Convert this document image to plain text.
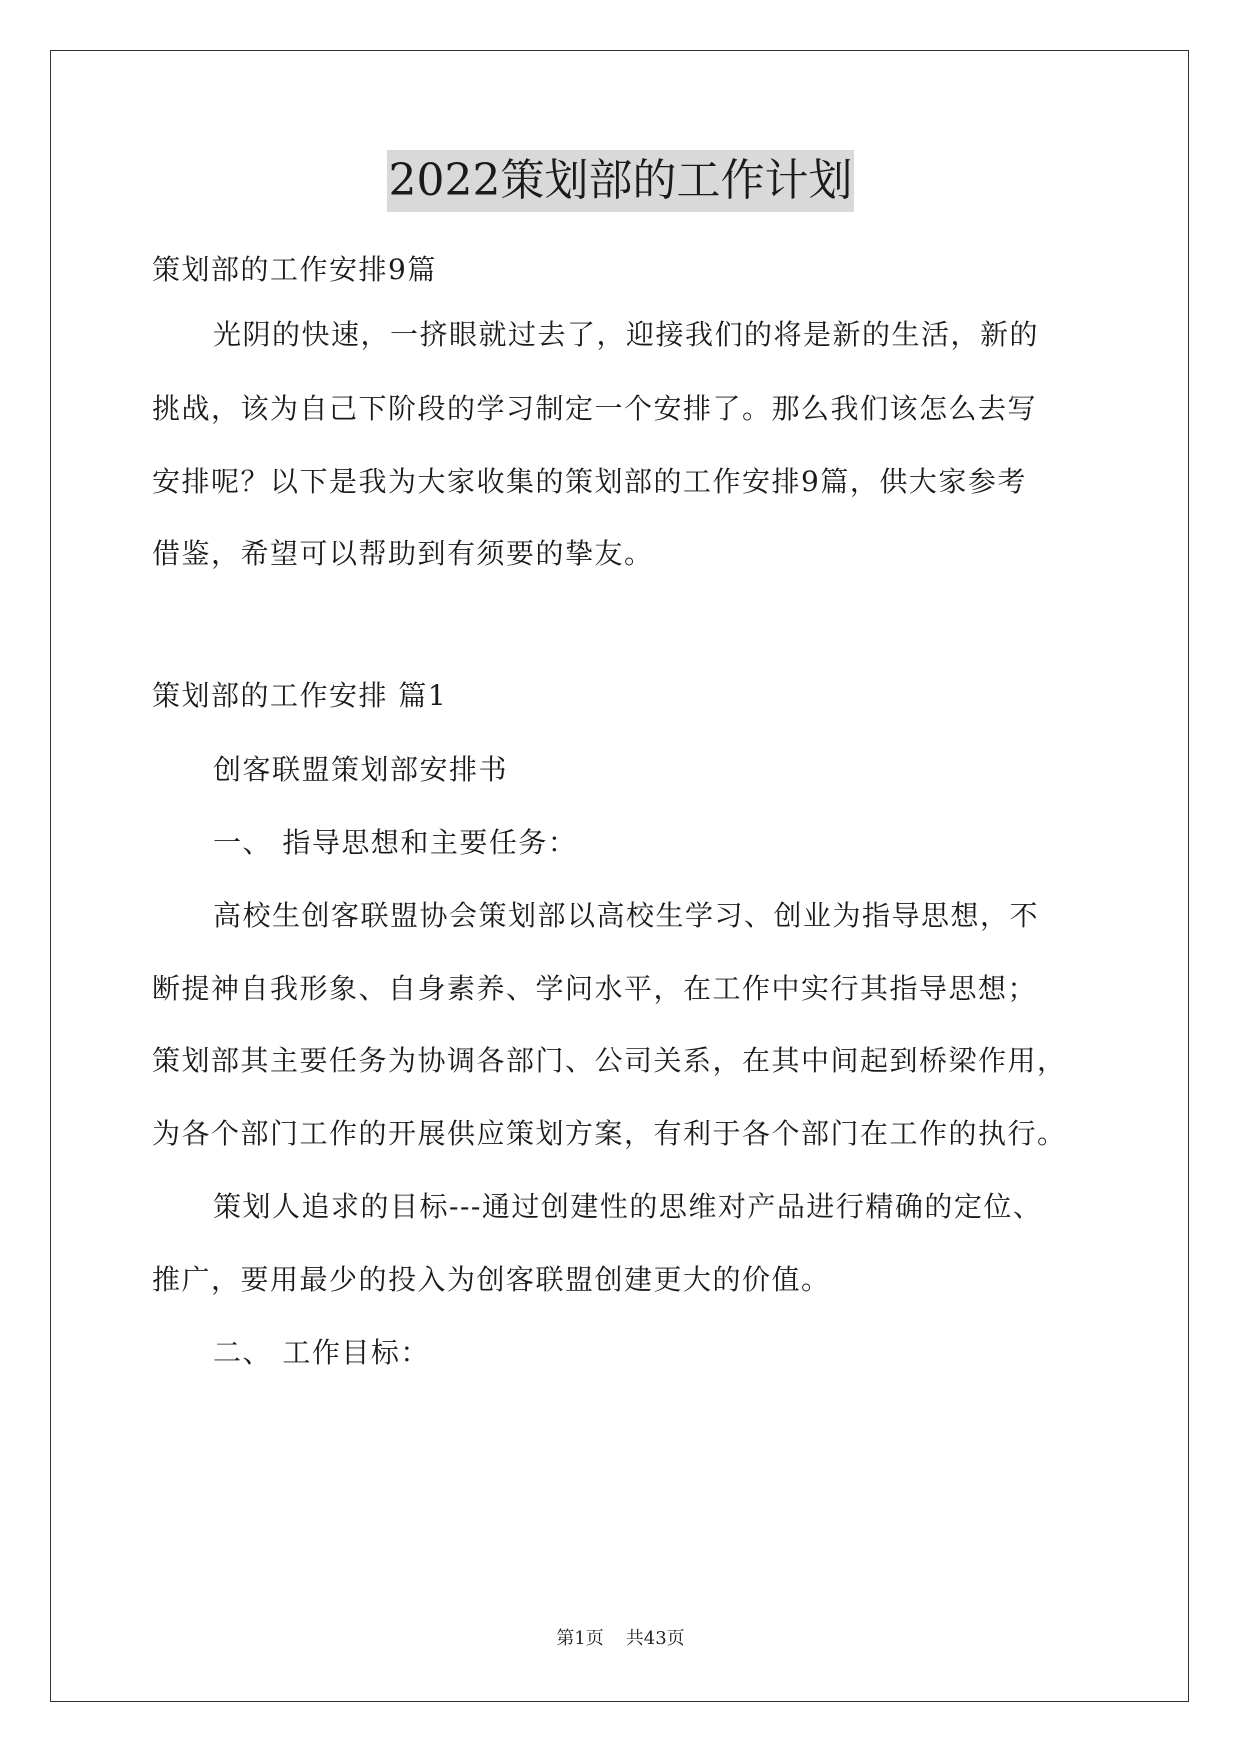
2022策划部的工作计划
策划部的工作安排9篇
光阴的快速，一挤眼就过去了，迎接我们的将是新的生活，新的
挑战，该为自己下阶段的学习制定一个安排了。那么我们该怎么去写
安排呢？以下是我为大家收集的策划部的工作安排9篇，供大家参考
借鉴，希望可以帮助到有须要的挚友。
策划部的工作安排 篇1
创客联盟策划部安排书
一、 指导思想和主要任务：
高校生创客联盟协会策划部以高校生学习、创业为指导思想，不
断提神自我形象、自身素养、学问水平，在工作中实行其指导思想；
策划部其主要任务为协调各部门、公司关系，在其中间起到桥梁作用，
为各个部门工作的开展供应策划方案，有利于各个部门在工作的执行。
策划人追求的目标---通过创建性的思维对产品进行精确的定位、
推广，要用最少的投入为创客联盟创建更大的价值。
二、 工作目标：
第1页 共43页
